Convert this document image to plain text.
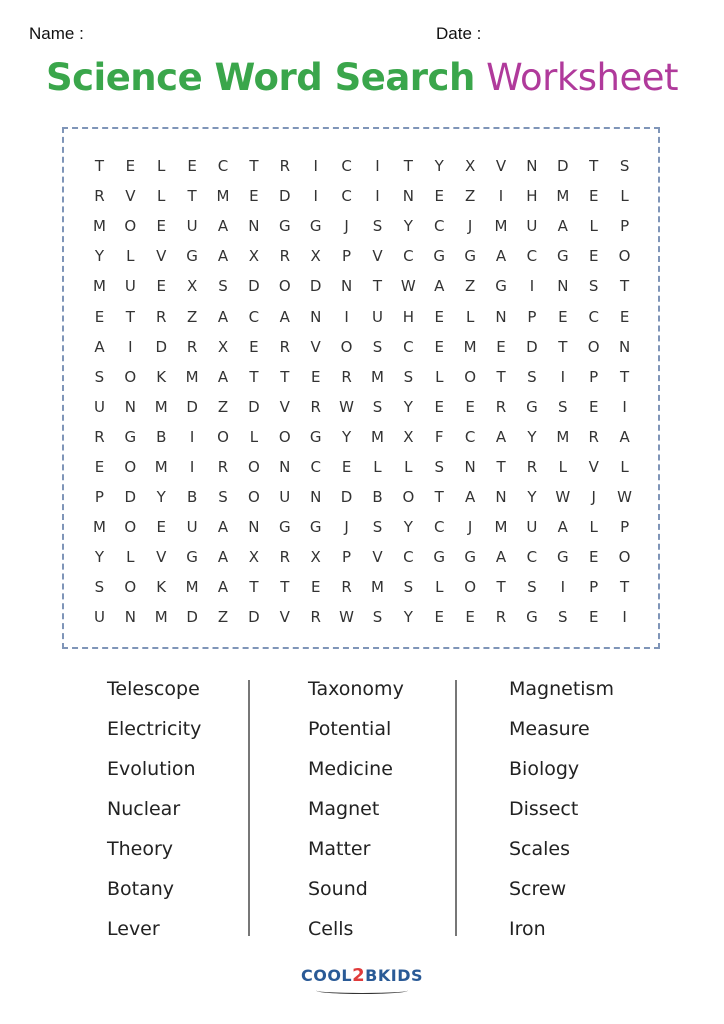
Name :	Date :
Science Word Search Worksheet
T	E	L	E	C	T	R	I	C	I	T	Y	X	V	N	D	T	S
R	V	L	T	M	E	D	I	C	I	N	E	Z	I	H	M	E	L
M	O	E	U	A	N	G	G	J	S	Y	C	J	M	U	A	L	P
Y	L	V	G	A	X	R	X	P	V	C	G	G	A	C	G	E	O
M	U	E	X	S	D	O	D	N	T	W	A	Z	G	I	N	S	T
E	T	R	Z	A	C	A	N	I	U	H	E	L	N	P	E	C	E
A	I	D	R	X	E	R	V	O	S	C	E	M	E	D	T	O	N
S	O	K	M	A	T	T	E	R	M	S	L	O	T	S	I	P	T
U	N	M	D	Z	D	V	R	W	S	Y	E	E	R	G	S	E	I
R	G	B	I	O	L	O	G	Y	M	X	F	C	A	Y	M	R	A
E	O	M	I	R	O	N	C	E	L	L	S	N	T	R	L	V	L
P	D	Y	B	S	O	U	N	D	B	O	T	A	N	Y	W	J	W
M	O	E	U	A	N	G	G	J	S	Y	C	J	M	U	A	L	P
Y	L	V	G	A	X	R	X	P	V	C	G	G	A	C	G	E	O
S	O	K	M	A	T	T	E	R	M	S	L	O	T	S	I	P	T
U	N	M	D	Z	D	V	R	W	S	Y	E	E	R	G	S	E	I
Telescope
Electricity
Evolution
Nuclear
Theory
Botany
Lever
Taxonomy
Potential
Medicine
Magnet
Matter
Sound
Cells
Magnetism
Measure
Biology
Dissect
Scales
Screw
Iron
COOL2BKIDS
